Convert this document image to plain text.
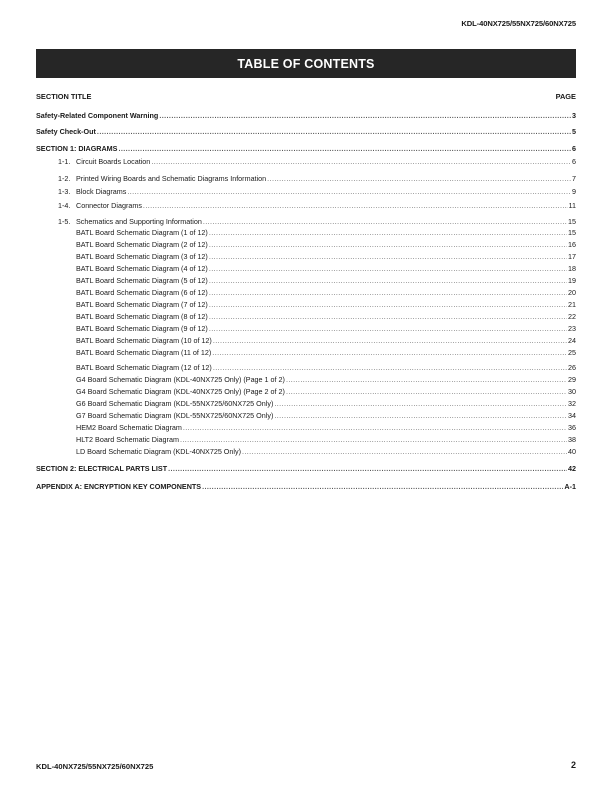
KDL-40NX725/55NX725/60NX725
TABLE OF CONTENTS
SECTION TITLE	PAGE
Safety-Related Component Warning .....	3
Safety Check-Out .....	5
SECTION 1: DIAGRAMS .....	6
1-1. Circuit Boards Location .....	6
1-2. Printed Wiring Boards and Schematic Diagrams Information .....	7
1-3. Block Diagrams .....	9
1-4. Connector Diagrams .....	11
1-5. Schematics and Supporting Information .....	15
BATL Board Schematic Diagram (1 of 12) .....	15
BATL Board Schematic Diagram (2 of 12) .....	16
BATL Board Schematic Diagram (3 of 12) .....	17
BATL Board Schematic Diagram (4 of 12) .....	18
BATL Board Schematic Diagram (5 of 12) .....	19
BATL Board Schematic Diagram (6 of 12) .....	20
BATL Board Schematic Diagram (7 of 12) .....	21
BATL Board Schematic Diagram (8 of 12) .....	22
BATL Board Schematic Diagram (9 of 12) .....	23
BATL Board Schematic Diagram (10 of 12) .....	24
BATL Board Schematic Diagram (11 of 12) .....	25
BATL Board Schematic Diagram (12 of 12) .....	26
G4 Board Schematic Diagram (KDL-40NX725 Only) (Page 1 of 2) .....	29
G4 Board Schematic Diagram (KDL-40NX725 Only) (Page 2 of 2) .....	30
G6 Board Schematic Diagram (KDL-55NX725/60NX725 Only) .....	32
G7 Board Schematic Diagram (KDL-55NX725/60NX725 Only) .....	34
HEM2 Board Schematic Diagram .....	36
HLT2 Board Schematic Diagram .....	38
LD Board Schematic Diagram (KDL-40NX725 Only) .....	40
SECTION 2: ELECTRICAL PARTS LIST .....	42
APPENDIX A: ENCRYPTION KEY COMPONENTS .....	A-1
KDL-40NX725/55NX725/60NX725	2
